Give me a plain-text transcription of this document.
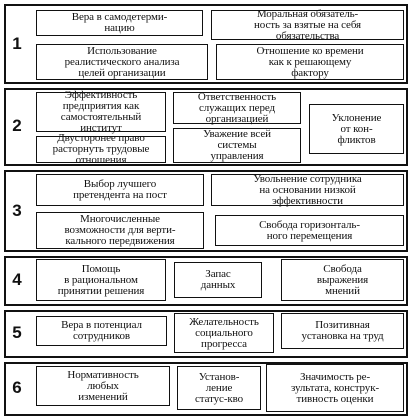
1
Вера в самодетерми-
нацию
Моральная обязатель-
ность за взятые на себя
обязательства
Использование
реалистического анализа
целей организации
Отношение ко времени
как к решающему
фактору
2
Эффективность
предприятия как
самостоятельный
институт
Ответственность
служащих перед
организацией	Уклонение
от кон-
фликтов
Двусторонее право
расторнуть трудовые
отношения
Уважение всей
системы
управления
3
Выбор лучшего
претендента на пост
Увольнение сотрудника
на основании низкой
эффективности
Многочисленные
возможности для верти-
кального передвижения
Свобода горизонталь-
ного перемещения
4
Помощь
в рациональном
принятии решения
Запас
данных
Свобода
выражения
мнений
5	Вера в потенциал
сотрудников
Желательность
социального
прогресса
Позитивная
установка на труд
6
Нормативность
любых
изменений
Установ-
ление
статус-кво
Значимость ре-
зультата, конструк-
тивность оценки
